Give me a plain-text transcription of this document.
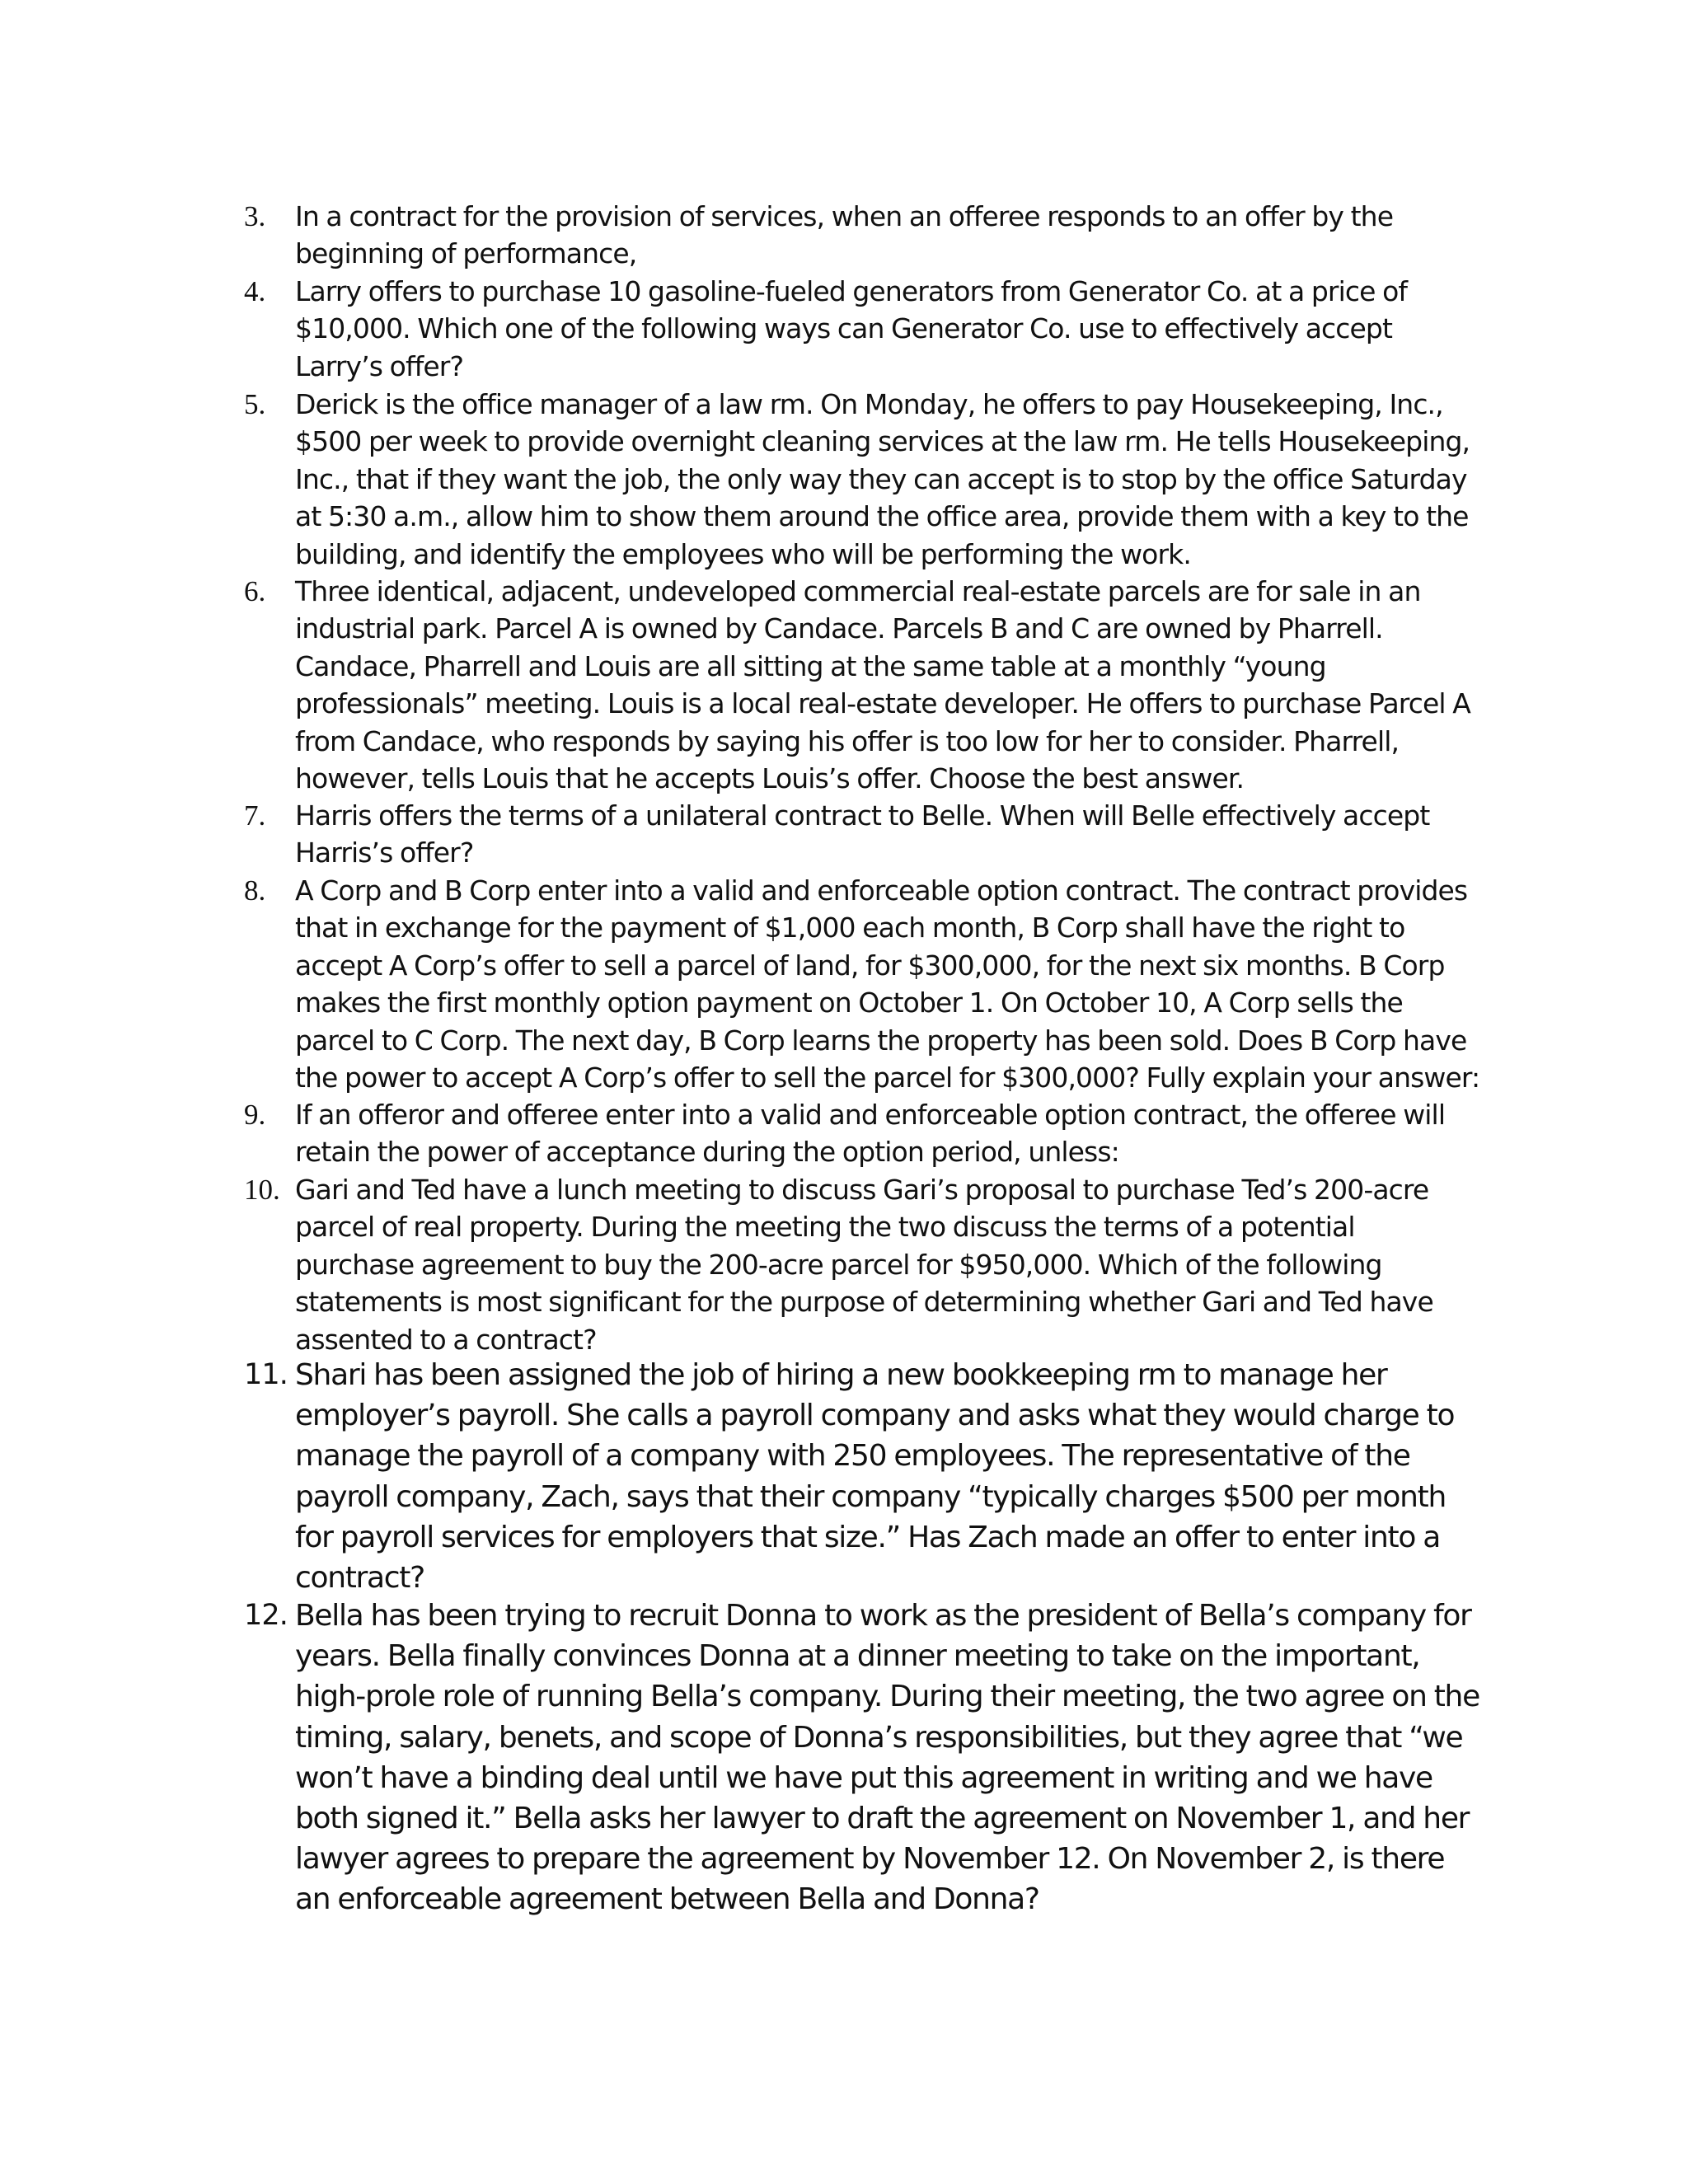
3. In a contract for the provision of services, when an offeree responds to an offer by the beginning of performance,
4. Larry offers to purchase 10 gasoline-fueled generators from Generator Co. at a price of $10,000. Which one of the following ways can Generator Co. use to effectively accept Larry’s offer?
5. Derick is the office manager of a law rm. On Monday, he offers to pay Housekeeping, Inc., $500 per week to provide overnight cleaning services at the law rm. He tells Housekeeping, Inc., that if they want the job, the only way they can accept is to stop by the office Saturday at 5:30 a.m., allow him to show them around the office area, provide them with a key to the building, and identify the employees who will be performing the work.
6. Three identical, adjacent, undeveloped commercial real-estate parcels are for sale in an industrial park. Parcel A is owned by Candace. Parcels B and C are owned by Pharrell. Candace, Pharrell and Louis are all sitting at the same table at a monthly “young professionals” meeting. Louis is a local real-estate developer. He offers to purchase Parcel A from Candace, who responds by saying his offer is too low for her to consider. Pharrell, however, tells Louis that he accepts Louis’s offer. Choose the best answer.
7. Harris offers the terms of a unilateral contract to Belle. When will Belle effectively accept Harris’s offer?
8. A Corp and B Corp enter into a valid and enforceable option contract. The contract provides that in exchange for the payment of $1,000 each month, B Corp shall have the right to accept A Corp’s offer to sell a parcel of land, for $300,000, for the next six months. B Corp makes the first monthly option payment on October 1. On October 10, A Corp sells the parcel to C Corp. The next day, B Corp learns the property has been sold. Does B Corp have the power to accept A Corp’s offer to sell the parcel for $300,000? Fully explain your answer:
9. If an offeror and offeree enter into a valid and enforceable option contract, the offeree will retain the power of acceptance during the option period, unless:
10. Gari and Ted have a lunch meeting to discuss Gari’s proposal to purchase Ted’s 200-acre parcel of real property. During the meeting the two discuss the terms of a potential purchase agreement to buy the 200-acre parcel for $950,000. Which of the following statements is most significant for the purpose of determining whether Gari and Ted have assented to a contract?
11. Shari has been assigned the job of hiring a new bookkeeping rm to manage her employer’s payroll. She calls a payroll company and asks what they would charge to manage the payroll of a company with 250 employees. The representative of the payroll company, Zach, says that their company “typically charges $500 per month for payroll services for employers that size.” Has Zach made an offer to enter into a contract?
12. Bella has been trying to recruit Donna to work as the president of Bella’s company for years. Bella finally convinces Donna at a dinner meeting to take on the important, high-prole role of running Bella’s company. During their meeting, the two agree on the timing, salary, benets, and scope of Donna’s responsibilities, but they agree that “we won’t have a binding deal until we have put this agreement in writing and we have both signed it.” Bella asks her lawyer to draft the agreement on November 1, and her lawyer agrees to prepare the agreement by November 12. On November 2, is there an enforceable agreement between Bella and Donna?
